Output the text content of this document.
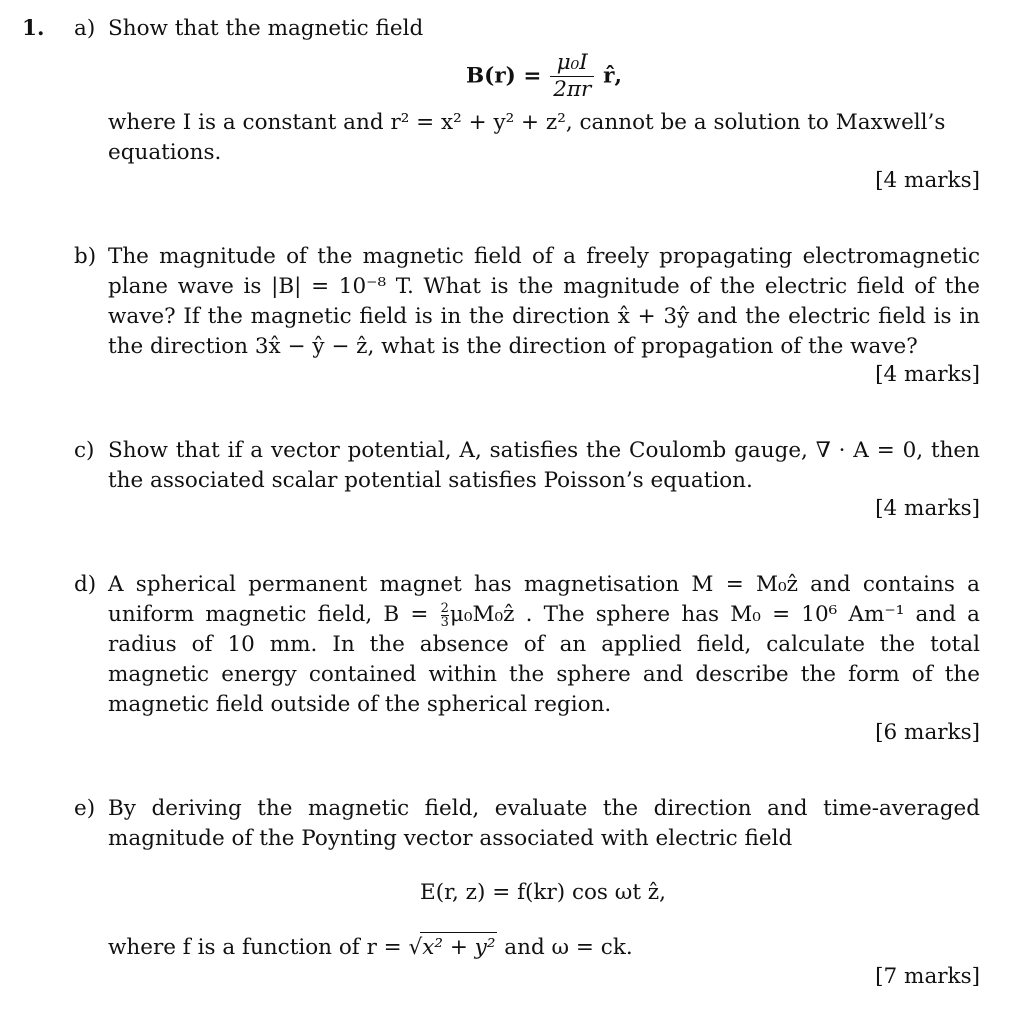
1. a) Show that the magnetic field
$B(r) = \frac{\text{μ₀I}}{2\pi r}$ r̂,
where I is a constant and r² = x² + y² + z², cannot be a solution to Maxwell’s
equations.
[4 marks]
b) The magnitude of the magnetic field of a freely propagating electromagnetic plane wave is |B| = 10⁻⁸ T. What is the magnitude of the electric field of the wave? If the magnetic field is in the direction x̂ + 3ŷ and the electric field is in the direction 3x̂ − ŷ − ẑ, what is the direction of propagation of the wave?
[4 marks]
c) Show that if a vector potential, A, satisfies the Coulomb gauge, ∇ · A = 0, then the associated scalar potential satisfies Poisson’s equation.
[4 marks]
d) A spherical permanent magnet has magnetisation M = M₀ẑ and contains a uniform magnetic field, $B = \frac{2}{3}$ μ₀M₀ẑ . The sphere has M₀ = 10⁶ Am⁻¹ and a radius of 10 mm. In the absence of an applied field, calculate the total magnetic energy contained within the sphere and describe the form of the magnetic field outside of the spherical region.
[6 marks]
e) By deriving the magnetic field, evaluate the direction and time-averaged magnitude of the Poynting vector associated with electric field
E(r, z) = f(kr) cos ωt ẑ,
where f is a function of r = √x² + y² and ω = ck.
[7 marks]
